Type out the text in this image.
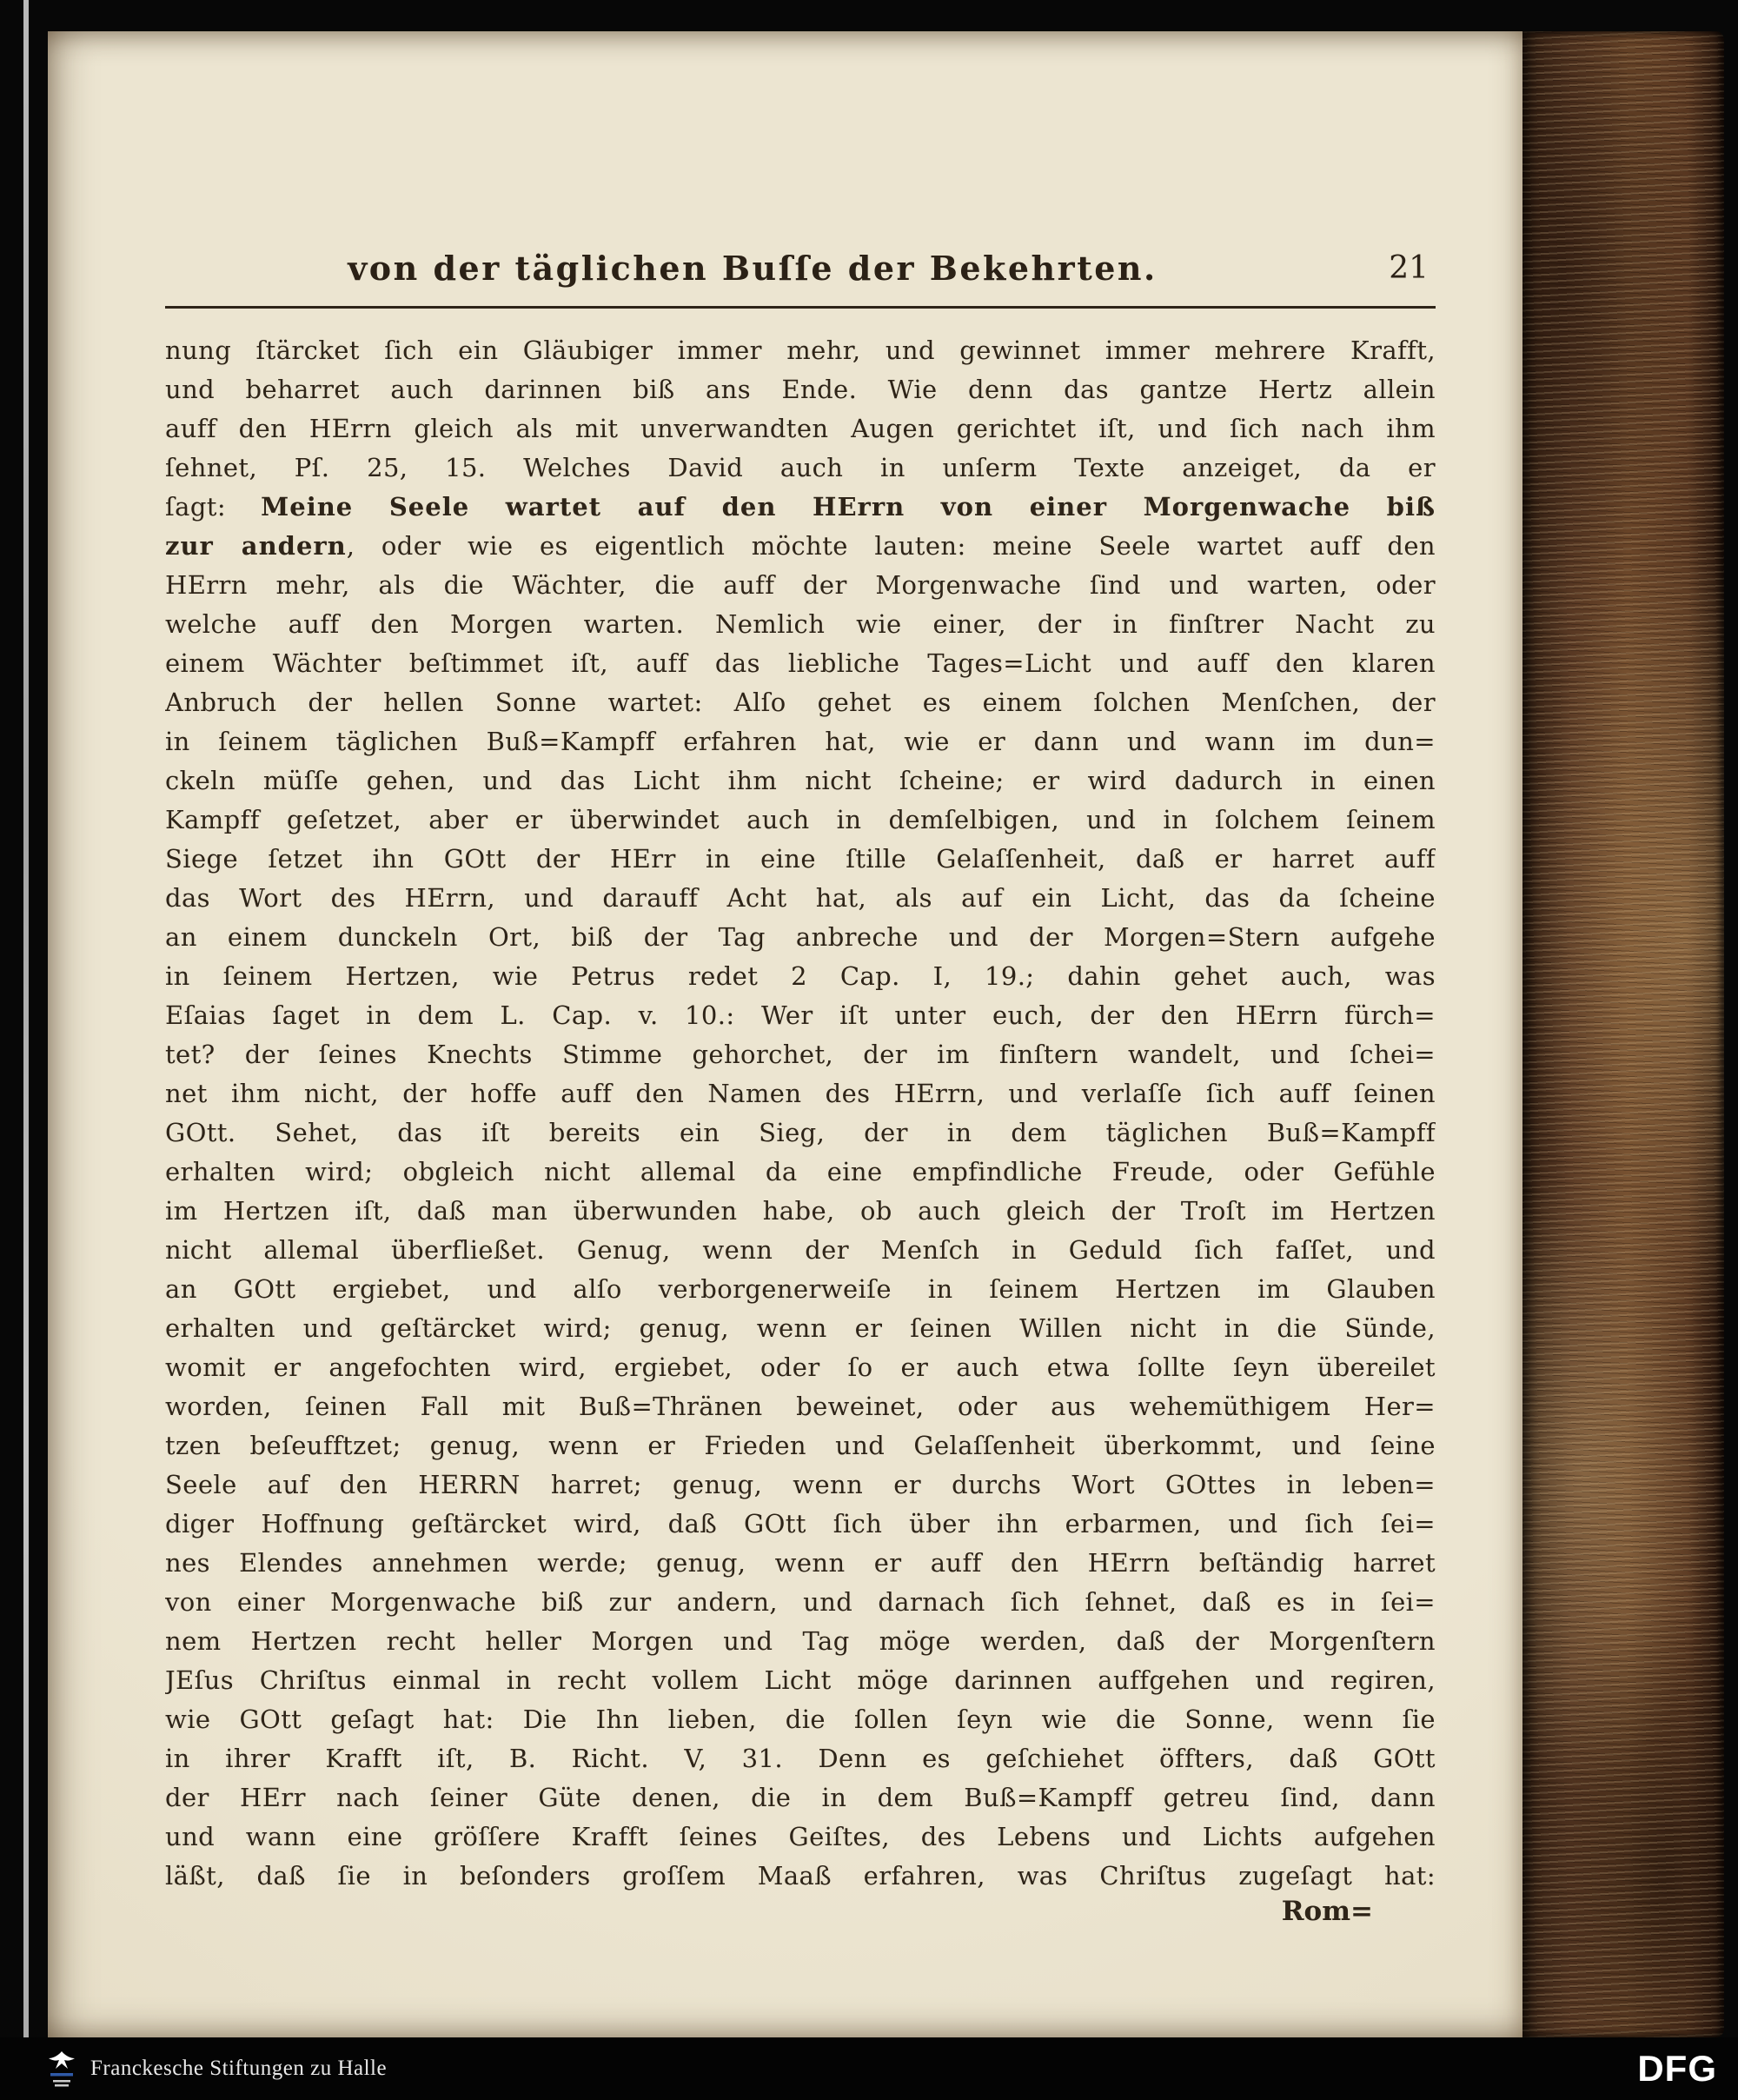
von der täglichen Buſſe der Bekehrten.	21
nung ſtärcket ſich ein Gläubiger immer mehr, und gewinnet immer mehrere Krafft,
und beharret auch darinnen biß ans Ende. Wie denn das gantze Hertz allein
auff den HErrn gleich als mit unverwandten Augen gerichtet iſt, und ſich nach ihm
ſehnet, Pſ. 25, 15. Welches David auch in unſerm Texte anzeiget, da er
ſagt: Meine Seele wartet auf den HErrn von einer Morgenwache biß
zur andern, oder wie es eigentlich möchte lauten: meine Seele wartet auff den
HErrn mehr, als die Wächter, die auff der Morgenwache ſind und warten, oder
welche auff den Morgen warten. Nemlich wie einer, der in finſtrer Nacht zu
einem Wächter beſtimmet iſt, auff das liebliche Tages=Licht und auff den klaren
Anbruch der hellen Sonne wartet: Alſo gehet es einem ſolchen Menſchen, der
in ſeinem täglichen Buß=Kampff erfahren hat, wie er dann und wann im dun=
ckeln müſſe gehen, und das Licht ihm nicht ſcheine; er wird dadurch in einen
Kampff geſetzet, aber er überwindet auch in demſelbigen, und in ſolchem ſeinem
Siege ſetzet ihn GOtt der HErr in eine ſtille Gelaſſenheit, daß er harret auff
das Wort des HErrn, und darauff Acht hat, als auf ein Licht, das da ſcheine
an einem dunckeln Ort, biß der Tag anbreche und der Morgen=Stern aufgehe
in ſeinem Hertzen, wie Petrus redet 2 Cap. I, 19.; dahin gehet auch, was
Eſaias ſaget in dem L. Cap. v. 10.: Wer iſt unter euch, der den HErrn fürch=
tet? der ſeines Knechts Stimme gehorchet, der im finſtern wandelt, und ſchei=
net ihm nicht, der hoffe auff den Namen des HErrn, und verlaſſe ſich auff ſeinen
GOtt. Sehet, das iſt bereits ein Sieg, der in dem täglichen Buß=Kampff
erhalten wird; obgleich nicht allemal da eine empfindliche Freude, oder Gefühle
im Hertzen iſt, daß man überwunden habe, ob auch gleich der Troſt im Hertzen
nicht allemal überfließet. Genug, wenn der Menſch in Geduld ſich faſſet, und
an GOtt ergiebet, und alſo verborgenerweiſe in ſeinem Hertzen im Glauben
erhalten und geſtärcket wird; genug, wenn er ſeinen Willen nicht in die Sünde,
womit er angefochten wird, ergiebet, oder ſo er auch etwa ſollte ſeyn übereilet
worden, ſeinen Fall mit Buß=Thränen beweinet, oder aus wehemüthigem Her=
tzen beſeufftzet; genug, wenn er Frieden und Gelaſſenheit überkommt, und ſeine
Seele auf den HERRN harret; genug, wenn er durchs Wort GOttes in leben=
diger Hoffnung geſtärcket wird, daß GOtt ſich über ihn erbarmen, und ſich ſei=
nes Elendes annehmen werde; genug, wenn er auff den HErrn beſtändig harret
von einer Morgenwache biß zur andern, und darnach ſich ſehnet, daß es in ſei=
nem Hertzen recht heller Morgen und Tag möge werden, daß der Morgenſtern
JEſus Chriſtus einmal in recht vollem Licht möge darinnen auffgehen und regiren,
wie GOtt geſagt hat: Die Ihn lieben, die ſollen ſeyn wie die Sonne, wenn ſie
in ihrer Krafft iſt, B. Richt. V, 31. Denn es geſchiehet öffters, daß GOtt
der HErr nach ſeiner Güte denen, die in dem Buß=Kampff getreu ſind, dann
und wann eine gröſſere Krafft ſeines Geiſtes, des Lebens und Lichts aufgehen
läßt, daß ſie in beſonders groſſem Maaß erfahren, was Chriſtus zugeſagt hat:
Rom=
Franckesche Stiftungen zu Halle	DFG
